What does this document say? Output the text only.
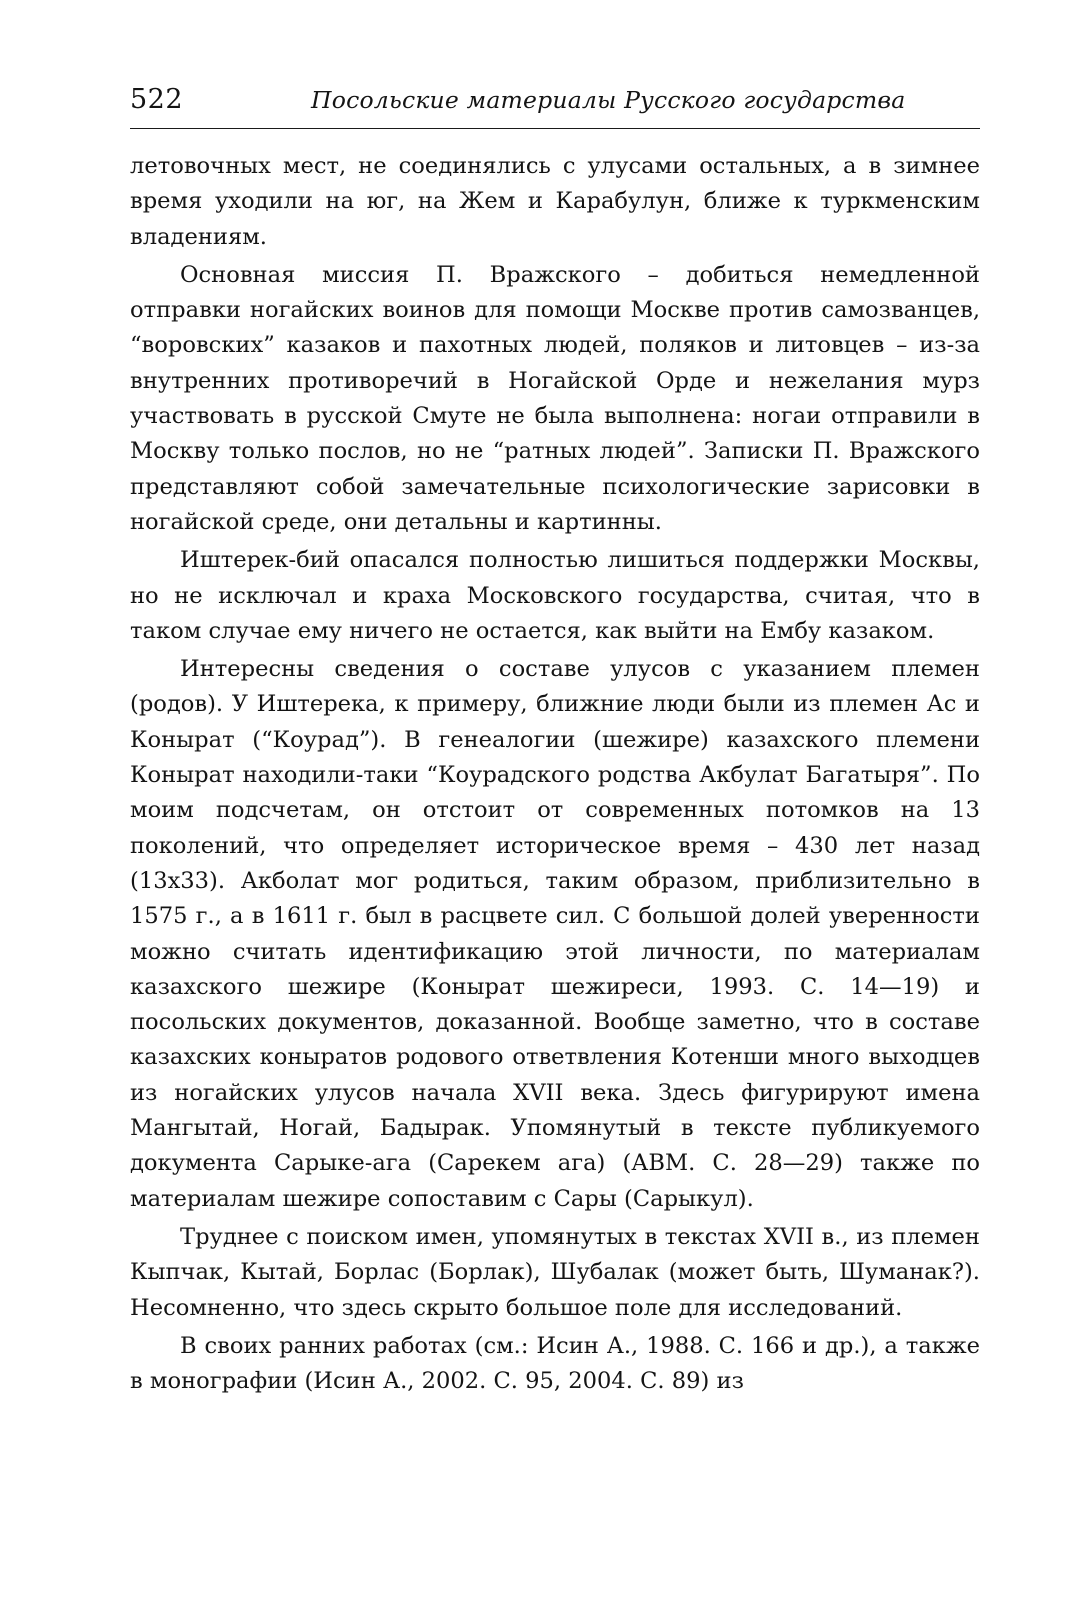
522	Посольские материалы Русского государства

летовочных мест, не соединялись с улусами остальных, а в зимнее время уходили на юг, на Жем и Карабулун, ближе к туркменским владениям.

Основная миссия П. Вражского – добиться немедленной отправки ногайских воинов для помощи Москве против самозванцев, “воровских” казаков и пахотных людей, поляков и литовцев – из-за внутренних противоречий в Ногайской Орде и нежелания мурз участвовать в русской Смуте не была выполнена: ногаи отправили в Москву только послов, но не “ратных людей”. Записки П. Вражского представляют собой замечательные психологические зарисовки в ногайской среде, они детальны и картинны.

Иштерек-бий опасался полностью лишиться поддержки Москвы, но не исключал и краха Московского государства, считая, что в таком случае ему ничего не остается, как выйти на Ембу казаком.

Интересны сведения о составе улусов с указанием племен (родов). У Иштерека, к примеру, ближние люди были из племен Ас и Конырат (“Коурад”). В генеалогии (шежире) казахского племени Конырат находили-таки “Коурадского родства Акбулат Багатыря”. По моим подсчетам, он отстоит от современных потомков на 13 поколений, что определяет историческое время – 430 лет назад (13х33). Акболат мог родиться, таким образом, приблизительно в 1575 г., а в 1611 г. был в расцвете сил. С большой долей уверенности можно считать идентификацию этой личности, по материалам казахского шежире (Конырат шежиреси, 1993. С. 14—19) и посольских документов, доказанной. Вообще заметно, что в составе казахских коныратов родового ответвления Котенши много выходцев из ногайских улусов начала XVII века. Здесь фигурируют имена Мангытай, Ногай, Бадырак. Упомянутый в тексте публикуемого документа Сарыке-ага (Сарекем ага) (АВМ. С. 28—29) также по материалам шежире сопоставим с Сары (Сарыкул).

Труднее с поиском имен, упомянутых в текстах XVII в., из племен Кыпчак, Кытай, Борлас (Борлак), Шубалак (может быть, Шуманак?). Несомненно, что здесь скрыто большое поле для исследований.

В своих ранних работах (см.: Исин А., 1988. С. 166 и др.), а также в монографии (Исин А., 2002. С. 95, 2004. С. 89) из
